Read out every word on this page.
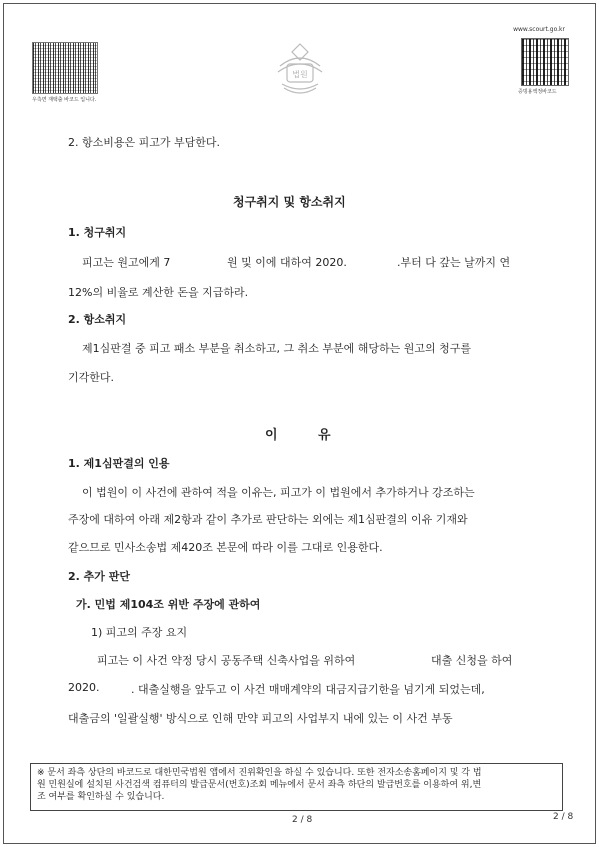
우측면 재택출 바코드 입니다.
법원
www.scourt.go.kr
증빙용액정바코드
2. 항소비용은 피고가 부담한다.
청구취지 및 항소취지
1. 청구취지
피고는 원고에게 7	원 및 이에 대하여 2020.	.부터 다 갚는 날까지 연
12%의 비율로 계산한 돈을 지급하라.
2. 항소취지
제1심판결 중 피고 패소 부분을 취소하고, 그 취소 부분에 해당하는 원고의 청구를
기각한다.
이	유
1. 제1심판결의 인용
이 법원이 이 사건에 관하여 적을 이유는, 피고가 이 법원에서 추가하거나 강조하는
주장에 대하여 아래 제2항과 같이 추가로 판단하는 외에는 제1심판결의 이유 기재와
같으므로 민사소송법 제420조 본문에 따라 이를 그대로 인용한다.
2. 추가 판단
가. 민법 제104조 위반 주장에 관하여
1) 피고의 주장 요지
피고는 이 사건 약정 당시 공동주택 신축사업을 위하여	대출 신청을 하여
2020.	. 대출실행을 앞두고 이 사건 매매계약의 대금지급기한을 넘기게 되었는데,
대출금의 '일괄실행' 방식으로 인해 만약 피고의 사업부지 내에 있는 이 사건 부동
※ 문서 좌측 상단의 바코드로 대한민국법원 앱에서 진위확인을 하실 수 있습니다. 또한 전자소송홈페이지 및 각 법
원 민원실에 설치된 사건검색 컴퓨터의 발급문서(번호)조회 메뉴에서 문서 좌측 하단의 발급번호를 이용하여 위,변
조 여부를 확인하실 수 있습니다.
2 / 8	2 / 8
